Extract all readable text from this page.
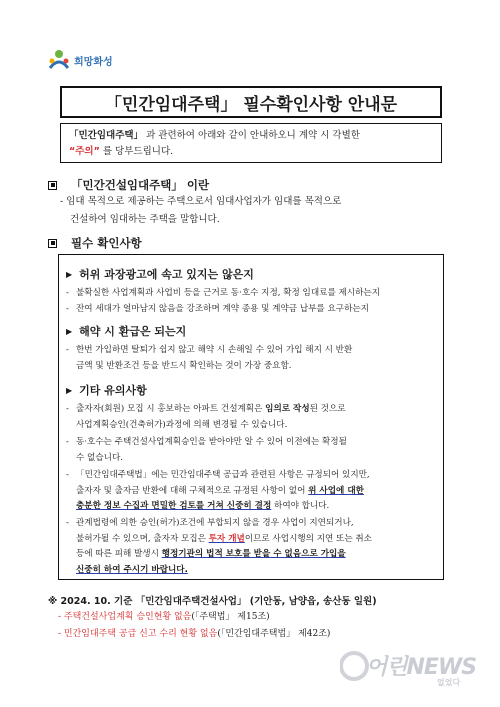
희망화성
「민간임대주택」 필수확인사항 안내문
「민간임대주택」 과 관련하여 아래와 같이 안내하오니 계약 시 각별한
“주의” 를 당부드립니다.
「민간건설임대주택」 이란
- 임대 목적으로 제공하는 주택으로서 임대사업자가 임대를 목적으로
건설하여 임대하는 주택을 말합니다.
필수 확인사항
▶ 허위 과장광고에 속고 있지는 않은지
- 불확실한 사업계획과 사업비 등을 근거로 동·호수 지정, 확정 임대료를 제시하는지
- 잔여 세대가 얼마남지 않음을 강조하며 계약 종용 및 계약금 납부를 요구하는지
▶ 해약 시 환급은 되는지
- 한번 가입하면 탈퇴가 쉽지 않고 해약 시 손해일 수 있어 가입 해지 시 반환
금액 및 반환조건 등을 반드시 확인하는 것이 가장 중요함.
▶ 기타 유의사항
- 출자자(회원) 모집 시 홍보하는 아파트 건설계획은 임의로 작성된 것으로
사업계획승인(건축허가)과정에 의해 변경될 수 있습니다.
- 동·호수는 주택건설사업계획승인을 받아야만 알 수 있어 이전에는 확정될
수 없습니다.
- 「민간임대주택법」에는 민간임대주택 공급과 관련된 사항은 규정되어 있지만,
출자자 및 출자금 반환에 대해 구체적으로 규정된 사항이 없어 위 사업에 대한
충분한 정보 수집과 면밀한 검토를 거쳐 신중히 결정 하여야 합니다.
- 관계법령에 의한 승인(허가)조건에 부합되지 않을 경우 사업이 지연되거나,
불허가될 수 있으며, 출자자 모집은 투자 개념이므로 사업시행의 지연 또는 취소
등에 따른 피해 발생시 행정기관의 법적 보호를 받을 수 없음으로 가입을
신중히 하여 주시기 바랍니다.
※ 2024. 10. 기준 「민간임대주택건설사업」 (기안동, 남양읍, 송산동 일원)
- 주택건설사업계획 승인현황 없음(「주택법」 제15조)
- 민간임대주택 공급 신고 수리 현황 없음(「민간임대주택법」 제42조)
어린NEWS
없었다
